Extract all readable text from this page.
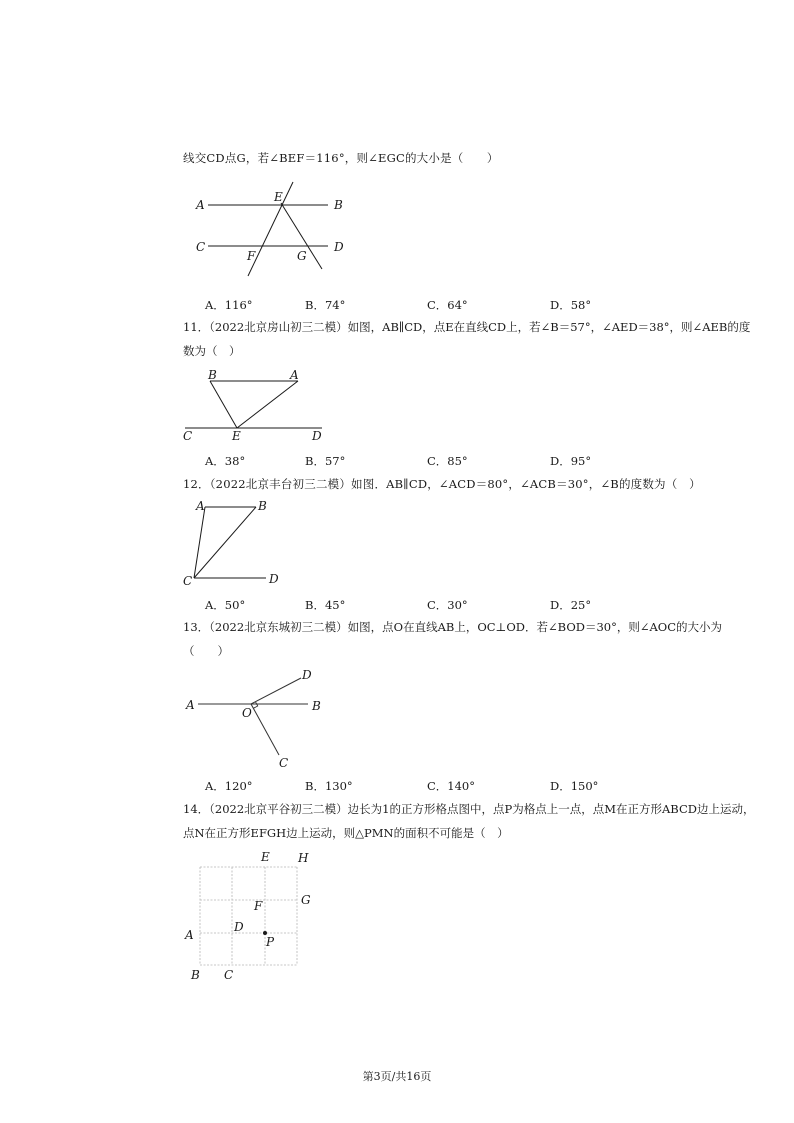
线交CD点G，若∠BEF＝116°，则∠EGC的大小是（　　）
A	B
E
C	D
F	G
A．116°	B．74°	C．64°	D．58°
11．（2022北京房山初三二模）如图，AB∥CD，点E在直线CD上，若∠B＝57°，∠AED＝38°，则∠AEB的度数为（　）
B	A
C	E	D
A．38°	B．57°	C．85°	D．95°
12．（2022北京丰台初三二模）如图．AB∥CD，∠ACD＝80°，∠ACB＝30°，∠B的度数为（　）
A	B
C	D
A．50°	B．45°	C．30°	D．25°
13．（2022北京东城初三二模）如图，点O在直线AB上，OC⊥OD．若∠BOD＝30°，则∠AOC的大小为（　　）
A
O	B
D
C
A．120°	B．130°	C．140°	D．150°
14．（2022北京平谷初三二模）边长为1的正方形格点图中，点P为格点上一点，点M在正方形ABCD边上运动，点N在正方形EFGH边上运动，则△PMN的面积不可能是（　）
E H
G
F
D
P
A
B C
第3页/共16页
